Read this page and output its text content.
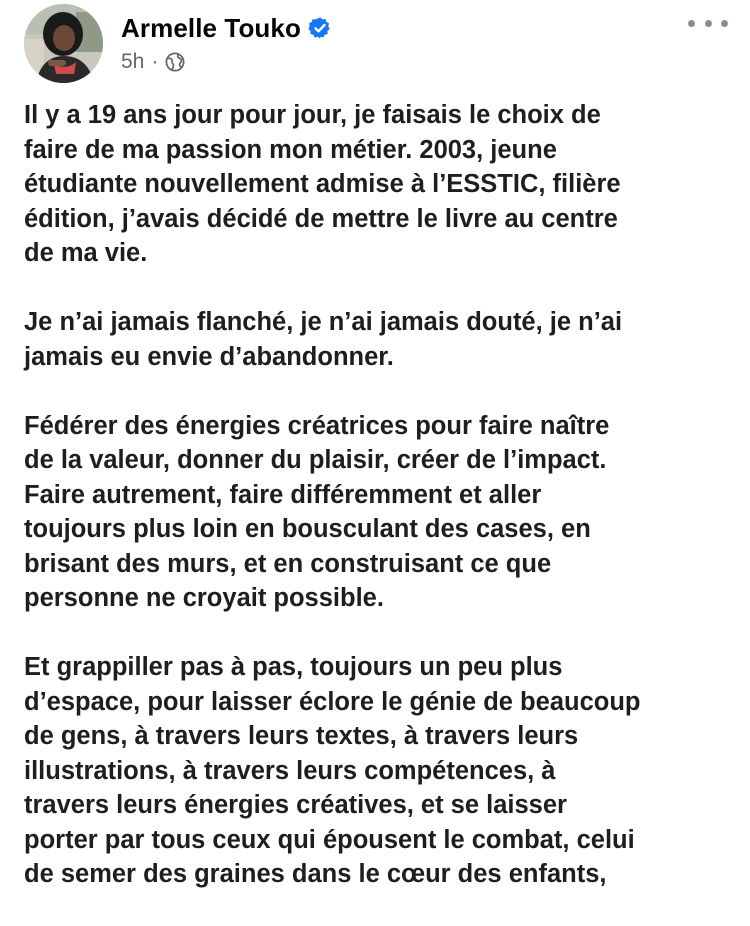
Armelle Touko
5h ·

Il y a 19 ans jour pour jour, je faisais le choix de
faire de ma passion mon métier. 2003, jeune
étudiante nouvellement admise à l’ESSTIC, filière
édition, j’avais décidé de mettre le livre au centre
de ma vie.

Je n’ai jamais flanché, je n’ai jamais douté, je n’ai
jamais eu envie d’abandonner.

Fédérer des énergies créatrices pour faire naître
de la valeur, donner du plaisir, créer de l’impact.
Faire autrement, faire différemment et aller
toujours plus loin en bousculant des cases, en
brisant des murs, et en construisant ce que
personne ne croyait possible.

Et grappiller pas à pas, toujours un peu plus
d’espace, pour laisser éclore le génie de beaucoup
de gens, à travers leurs textes, à travers leurs
illustrations, à travers leurs compétences, à
travers leurs énergies créatives, et se laisser
porter par tous ceux qui épousent le combat, celui
de semer des graines dans le cœur des enfants,
